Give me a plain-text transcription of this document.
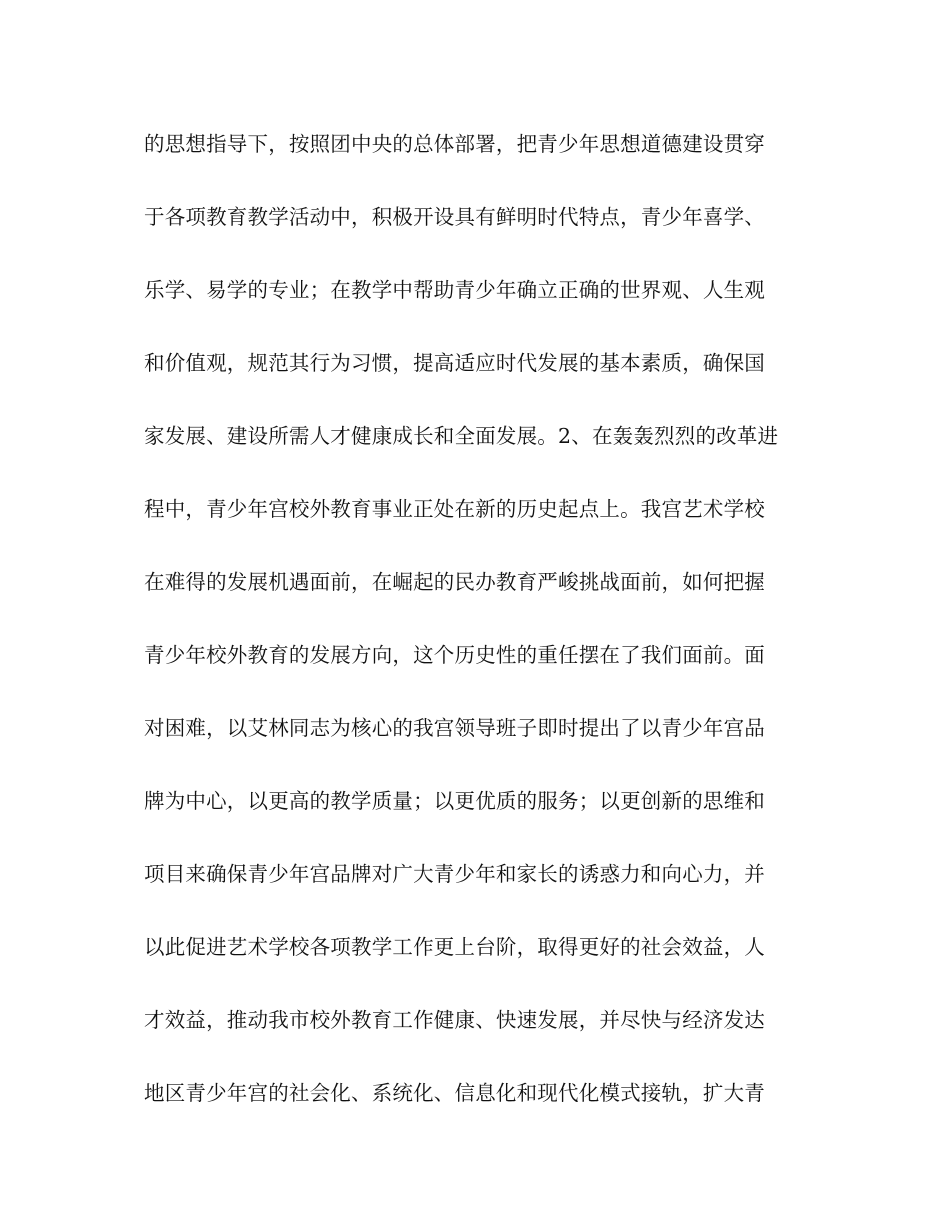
的思想指导下，按照团中央的总体部署，把青少年思想道德建设贯穿
于各项教育教学活动中，积极开设具有鲜明时代特点，青少年喜学、
乐学、易学的专业；在教学中帮助青少年确立正确的世界观、人生观
和价值观，规范其行为习惯，提高适应时代发展的基本素质，确保国
家发展、建设所需人才健康成长和全面发展。2、在轰轰烈烈的改革进
程中，青少年宫校外教育事业正处在新的历史起点上。我宫艺术学校
在难得的发展机遇面前，在崛起的民办教育严峻挑战面前，如何把握
青少年校外教育的发展方向，这个历史性的重任摆在了我们面前。面
对困难，以艾林同志为核心的我宫领导班子即时提出了以青少年宫品
牌为中心，以更高的教学质量；以更优质的服务；以更创新的思维和
项目来确保青少年宫品牌对广大青少年和家长的诱惑力和向心力，并
以此促进艺术学校各项教学工作更上台阶，取得更好的社会效益，人
才效益，推动我市校外教育工作健康、快速发展，并尽快与经济发达
地区青少年宫的社会化、系统化、信息化和现代化模式接轨，扩大青
